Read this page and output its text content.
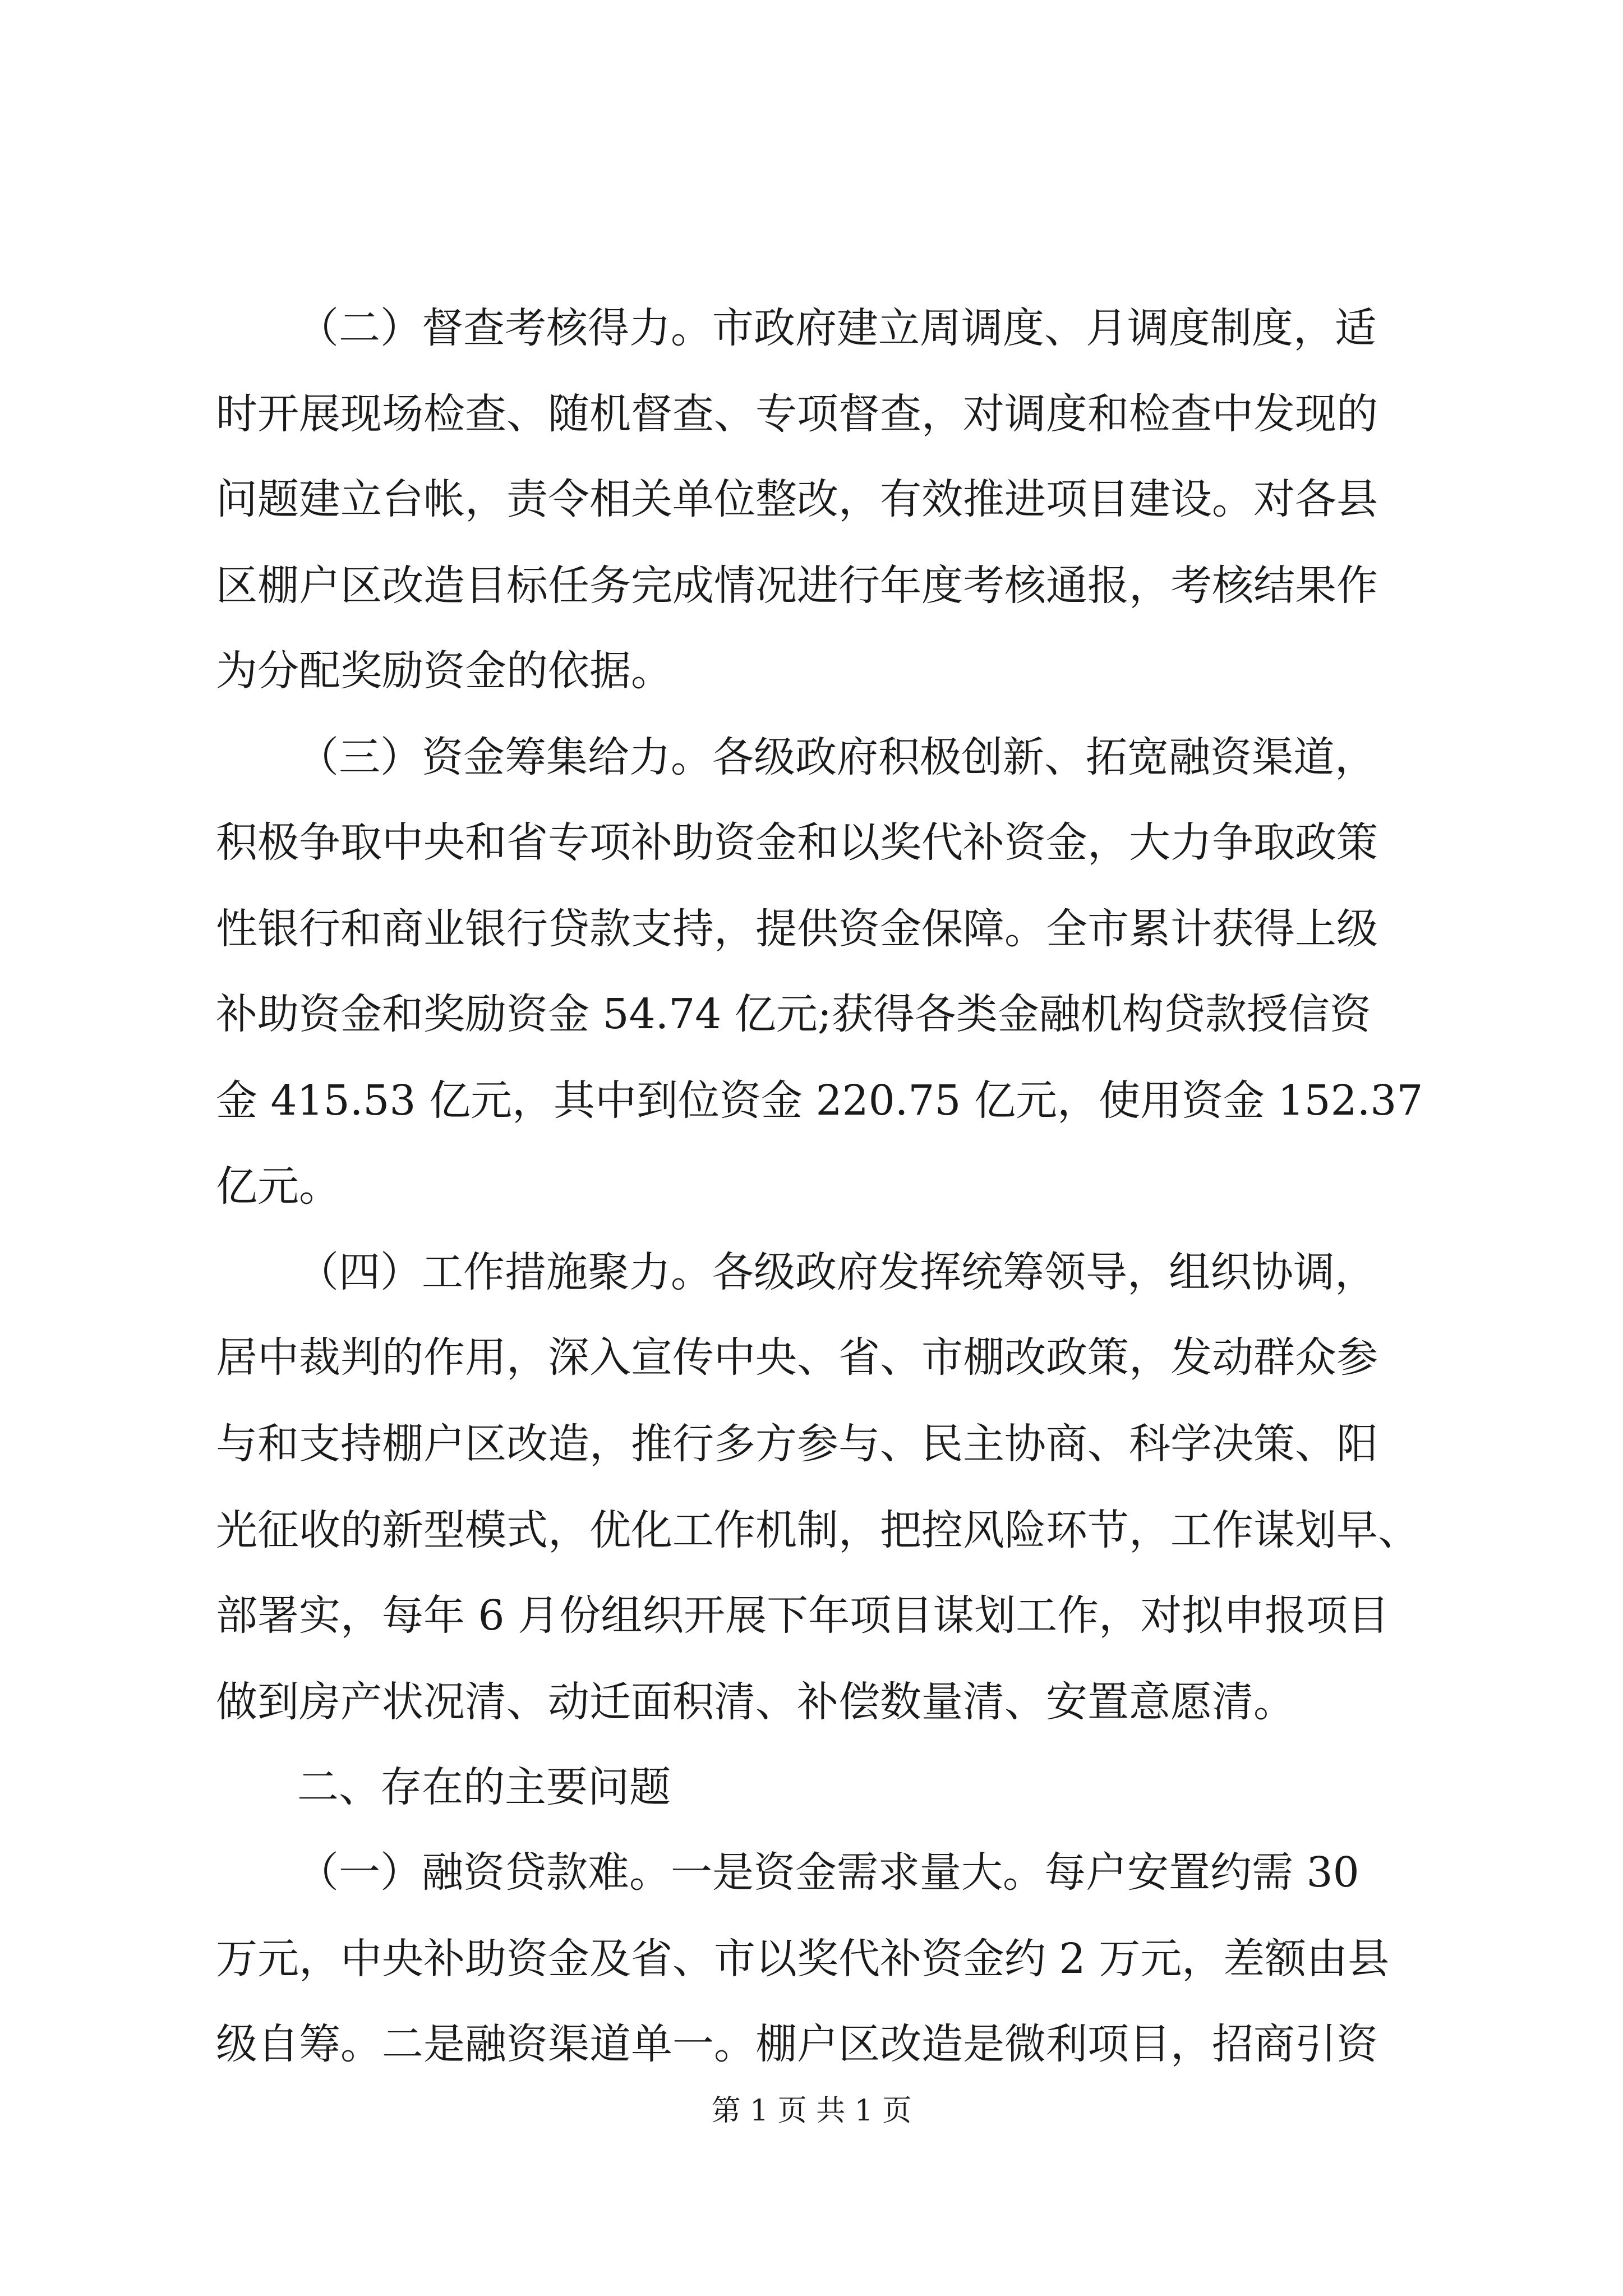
（二）督查考核得力。市政府建立周调度、月调度制度，适
时开展现场检查、随机督查、专项督查，对调度和检查中发现的
问题建立台帐，责令相关单位整改，有效推进项目建设。对各县
区棚户区改造目标任务完成情况进行年度考核通报，考核结果作
为分配奖励资金的依据。
（三）资金筹集给力。各级政府积极创新、拓宽融资渠道，
积极争取中央和省专项补助资金和以奖代补资金，大力争取政策
性银行和商业银行贷款支持，提供资金保障。全市累计获得上级
补助资金和奖励资金 54.74 亿元;获得各类金融机构贷款授信资
金 415.53 亿元，其中到位资金 220.75 亿元，使用资金 152.37
亿元。
（四）工作措施聚力。各级政府发挥统筹领导，组织协调，
居中裁判的作用，深入宣传中央、省、市棚改政策，发动群众参
与和支持棚户区改造，推行多方参与、民主协商、科学决策、阳
光征收的新型模式，优化工作机制，把控风险环节，工作谋划早、
部署实，每年 6 月份组织开展下年项目谋划工作，对拟申报项目
做到房产状况清、动迁面积清、补偿数量清、安置意愿清。
二、存在的主要问题
（一）融资贷款难。一是资金需求量大。每户安置约需 30
万元，中央补助资金及省、市以奖代补资金约 2 万元，差额由县
级自筹。二是融资渠道单一。棚户区改造是微利项目，招商引资
第 1 页 共 1 页
